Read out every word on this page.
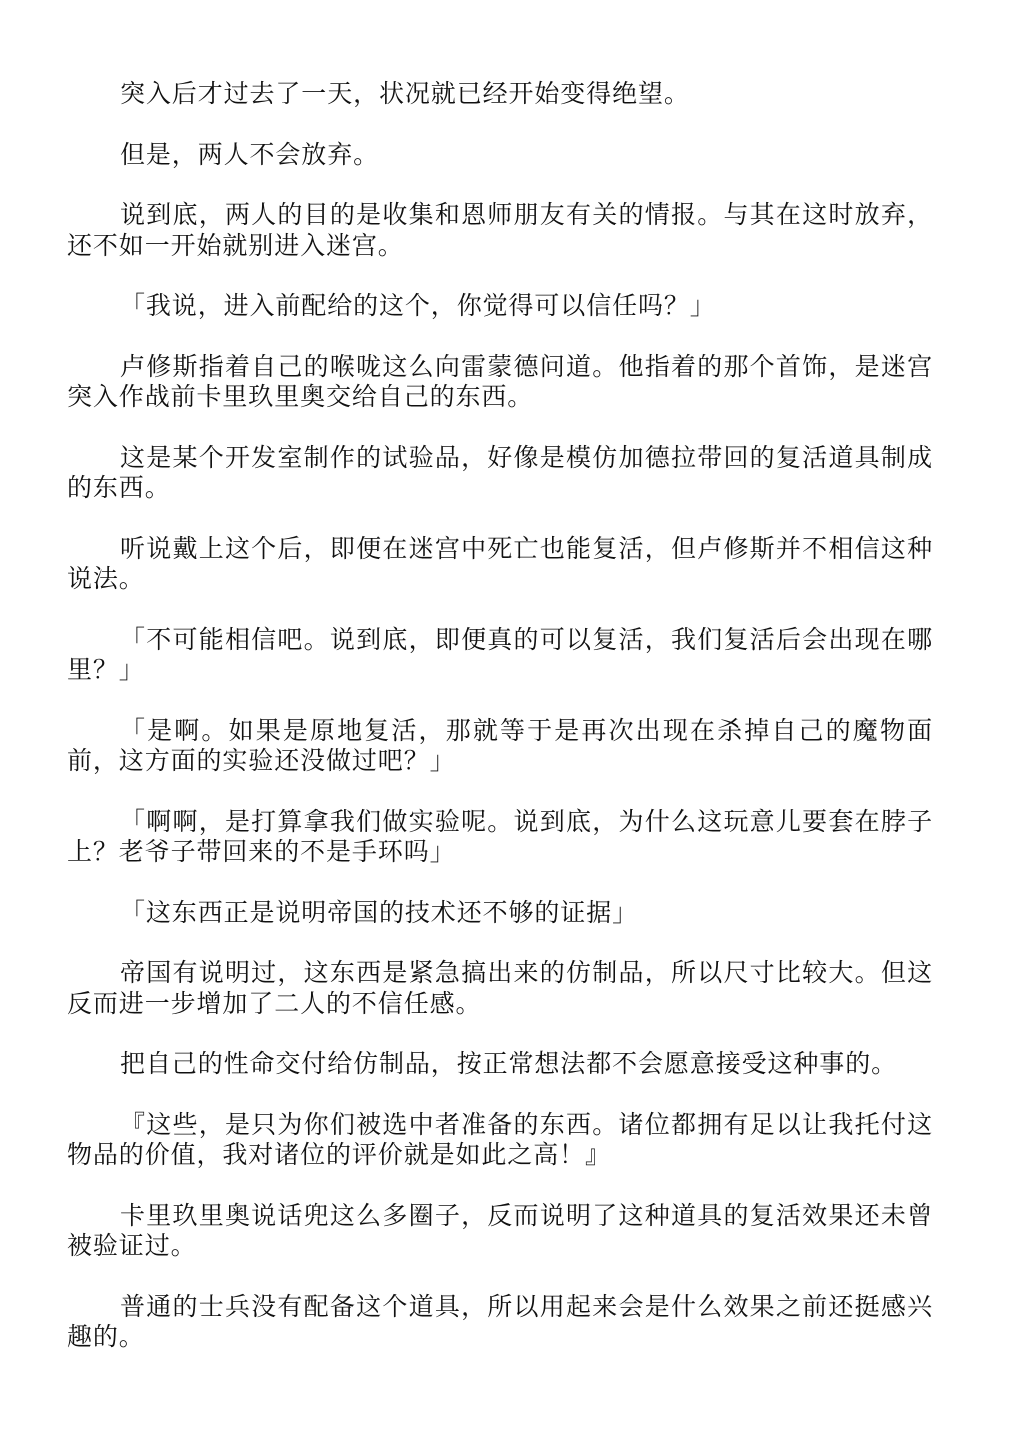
突入后才过去了一天，状况就已经开始变得绝望。

但是，两人不会放弃。

说到底，两人的目的是收集和恩师朋友有关的情报。与其在这时放弃，还不如一开始就别进入迷宫。

「我说，进入前配给的这个，你觉得可以信任吗？」

卢修斯指着自己的喉咙这么向雷蒙德问道。他指着的那个首饰，是迷宫突入作战前卡里玖里奥交给自己的东西。

这是某个开发室制作的试验品，好像是模仿加德拉带回的复活道具制成的东西。

听说戴上这个后，即便在迷宫中死亡也能复活，但卢修斯并不相信这种说法。

「不可能相信吧。说到底，即便真的可以复活，我们复活后会出现在哪里？」

「是啊。如果是原地复活，那就等于是再次出现在杀掉自己的魔物面前，这方面的实验还没做过吧？」

「啊啊，是打算拿我们做实验呢。说到底，为什么这玩意儿要套在脖子上？老爷子带回来的不是手环吗」

「这东西正是说明帝国的技术还不够的证据」

帝国有说明过，这东西是紧急搞出来的仿制品，所以尺寸比较大。但这反而进一步增加了二人的不信任感。

把自己的性命交付给仿制品，按正常想法都不会愿意接受这种事的。

『这些，是只为你们被选中者准备的东西。诸位都拥有足以让我托付这物品的价值，我对诸位的评价就是如此之高！』

卡里玖里奥说话兜这么多圈子，反而说明了这种道具的复活效果还未曾被验证过。

普通的士兵没有配备这个道具，所以用起来会是什么效果之前还挺感兴趣的。
